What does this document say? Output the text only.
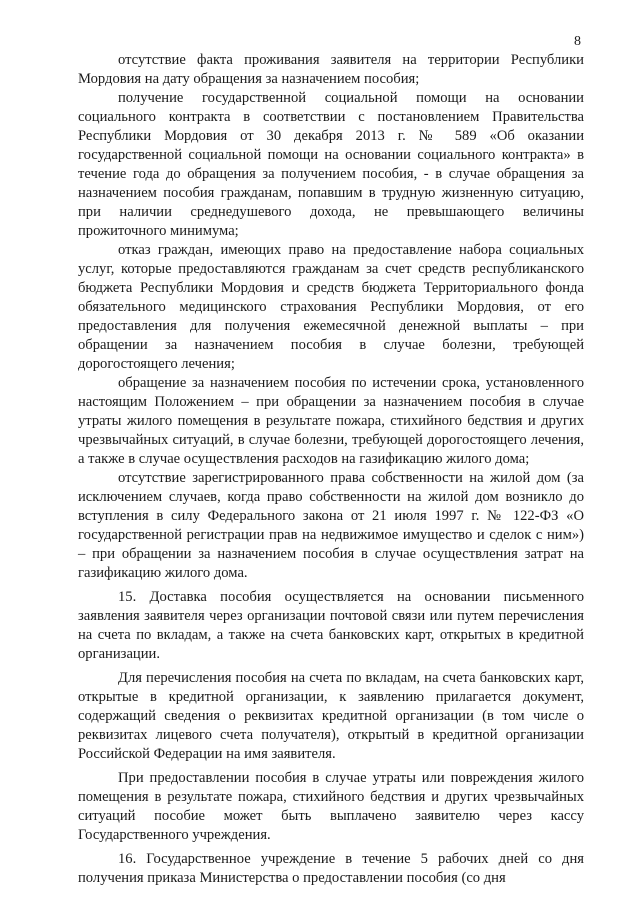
8

отсутствие факта проживания заявителя на территории Республики Мордовия на дату обращения за назначением пособия;

получение государственной социальной помощи на основании социального контракта в соответствии с постановлением Правительства Республики Мордовия от 30 декабря 2013 г. № 589 «Об оказании государственной социальной помощи на основании социального контракта» в течение года до обращения за получением пособия, - в случае обращения за назначением пособия гражданам, попавшим в трудную жизненную ситуацию, при наличии среднедушевого дохода, не превышающего величины прожиточного минимума;

отказ граждан, имеющих право на предоставление набора социальных услуг, которые предоставляются гражданам за счет средств республиканского бюджета Республики Мордовия и средств бюджета Территориального фонда обязательного медицинского страхования Республики Мордовия, от его предоставления для получения ежемесячной денежной выплаты – при обращении за назначением пособия в случае болезни, требующей дорогостоящего лечения;

обращение за назначением пособия по истечении срока, установленного настоящим Положением – при обращении за назначением пособия в случае утраты жилого помещения в результате пожара, стихийного бедствия и других чрезвычайных ситуаций, в случае болезни, требующей дорогостоящего лечения, а также в случае осуществления расходов на газификацию жилого дома;

отсутствие зарегистрированного права собственности на жилой дом (за исключением случаев, когда право собственности на жилой дом возникло до вступления в силу Федерального закона от 21 июля 1997 г. № 122-ФЗ «О государственной регистрации прав на недвижимое имущество и сделок с ним») – при обращении за назначением пособия в случае осуществления затрат на газификацию жилого дома.

15. Доставка пособия осуществляется на основании письменного заявления заявителя через организации почтовой связи или путем перечисления на счета по вкладам, а также на счета банковских карт, открытых в кредитной организации.

Для перечисления пособия на счета по вкладам, на счета банковских карт, открытые в кредитной организации, к заявлению прилагается документ, содержащий сведения о реквизитах кредитной организации (в том числе о реквизитах лицевого счета получателя), открытый в кредитной организации Российской Федерации на имя заявителя.

При предоставлении пособия в случае утраты или повреждения жилого помещения в результате пожара, стихийного бедствия и других чрезвычайных ситуаций пособие может быть выплачено заявителю через кассу Государственного учреждения.

16. Государственное учреждение в течение 5 рабочих дней со дня получения приказа Министерства о предоставлении пособия (со дня
